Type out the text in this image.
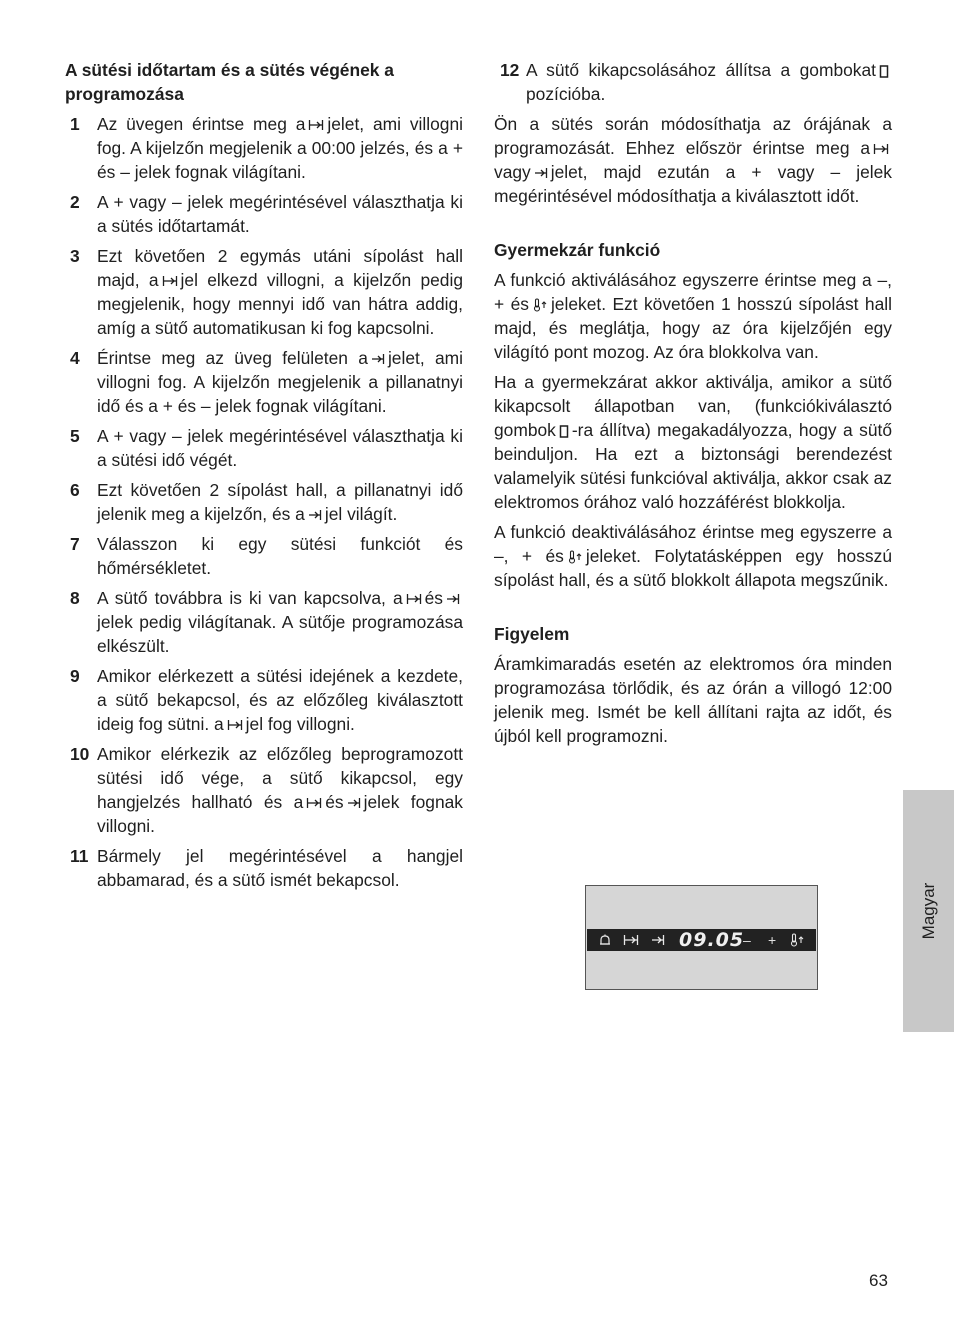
A sütési időtartam és a sütés végének a programozása
1 Az üvegen érintse meg a jelet, ami villogni fog. A kijelzőn megjelenik a 00:00 jelzés, és a + és – jelek fognak világítani.
2 A + vagy – jelek megérintésével választhatja ki a sütés időtartamát.
3 Ezt követően 2 egymás utáni sípolást hall majd, a jel elkezd villogni, a kijelzőn pedig megjelenik, hogy mennyi idő van hátra addig, amíg a sütő automatikusan ki fog kapcsolni.
4 Érintse meg az üveg felületen a jelet, ami villogni fog. A kijelzőn megjelenik a pillanatnyi idő és a + és – jelek fognak világítani.
5 A + vagy – jelek megérintésével választhatja ki a sütési idő végét.
6 Ezt követően 2 sípolást hall, a pillanatnyi idő jelenik meg a kijelzőn, és a jel világít.
7 Válasszon ki egy sütési funkciót és hőmérsékletet.
8 A sütő továbbra is ki van kapcsolva, a és
jelek pedig világítanak. A sütője programozása elkészült.
9 Amikor elérkezett a sütési idejének a kezdete, a sütő bekapcsol, és az előzőleg kiválasztott ideig fog sütni. a jel fog villogni.
10 Amikor elérkezik az előzőleg beprogramozott sütési idő vége, a sütő kikapcsol, egy hangjelzés hallható és a és jelek fognak villogni.
11 Bármely jel megérintésével a hangjel abbamarad, és a sütő ismét bekapcsol.
12 A sütő kikapcsolásához állítsa a gombokat
pozícióba.
Ön a sütés során módosíthatja az órájának a programozását. Ehhez először érintse meg a
vagy jelet, majd ezután a + vagy – jelek megérintésével módosíthatja a kiválasztott időt.
Gyermekzár funkció
A funkció aktiválásához egyszerre érintse meg a –, + és jeleket. Ezt követően 1 hosszú sípolást hall majd, és meglátja, hogy az óra kijelzőjén egy világító pont mozog. Az óra blokkolva van.
Ha a gyermekzárat akkor aktiválja, amikor a sütő kikapcsolt állapotban van, (funkciókiválasztó gombok -ra állítva) megakadályozza, hogy a sütő beinduljon. Ha ezt a biztonsági berendezést valamelyik sütési funkcióval aktiválja, akkor csak az elektromos órához való hozzáférést blokkolja.
A funkció deaktiválásához érintse meg egyszerre a –, + és jeleket. Folytatásképpen egy hosszú sípolást hall, és a sütő blokkolt állapota megszűnik.
Figyelem
Áramkimaradás esetén az elektromos óra minden programozása törlődik, és az órán a villogó 12:00 jelenik meg. Ismét be kell állítani rajta az időt, és újból kell programozni.
09.05
– +
Magyar
63
